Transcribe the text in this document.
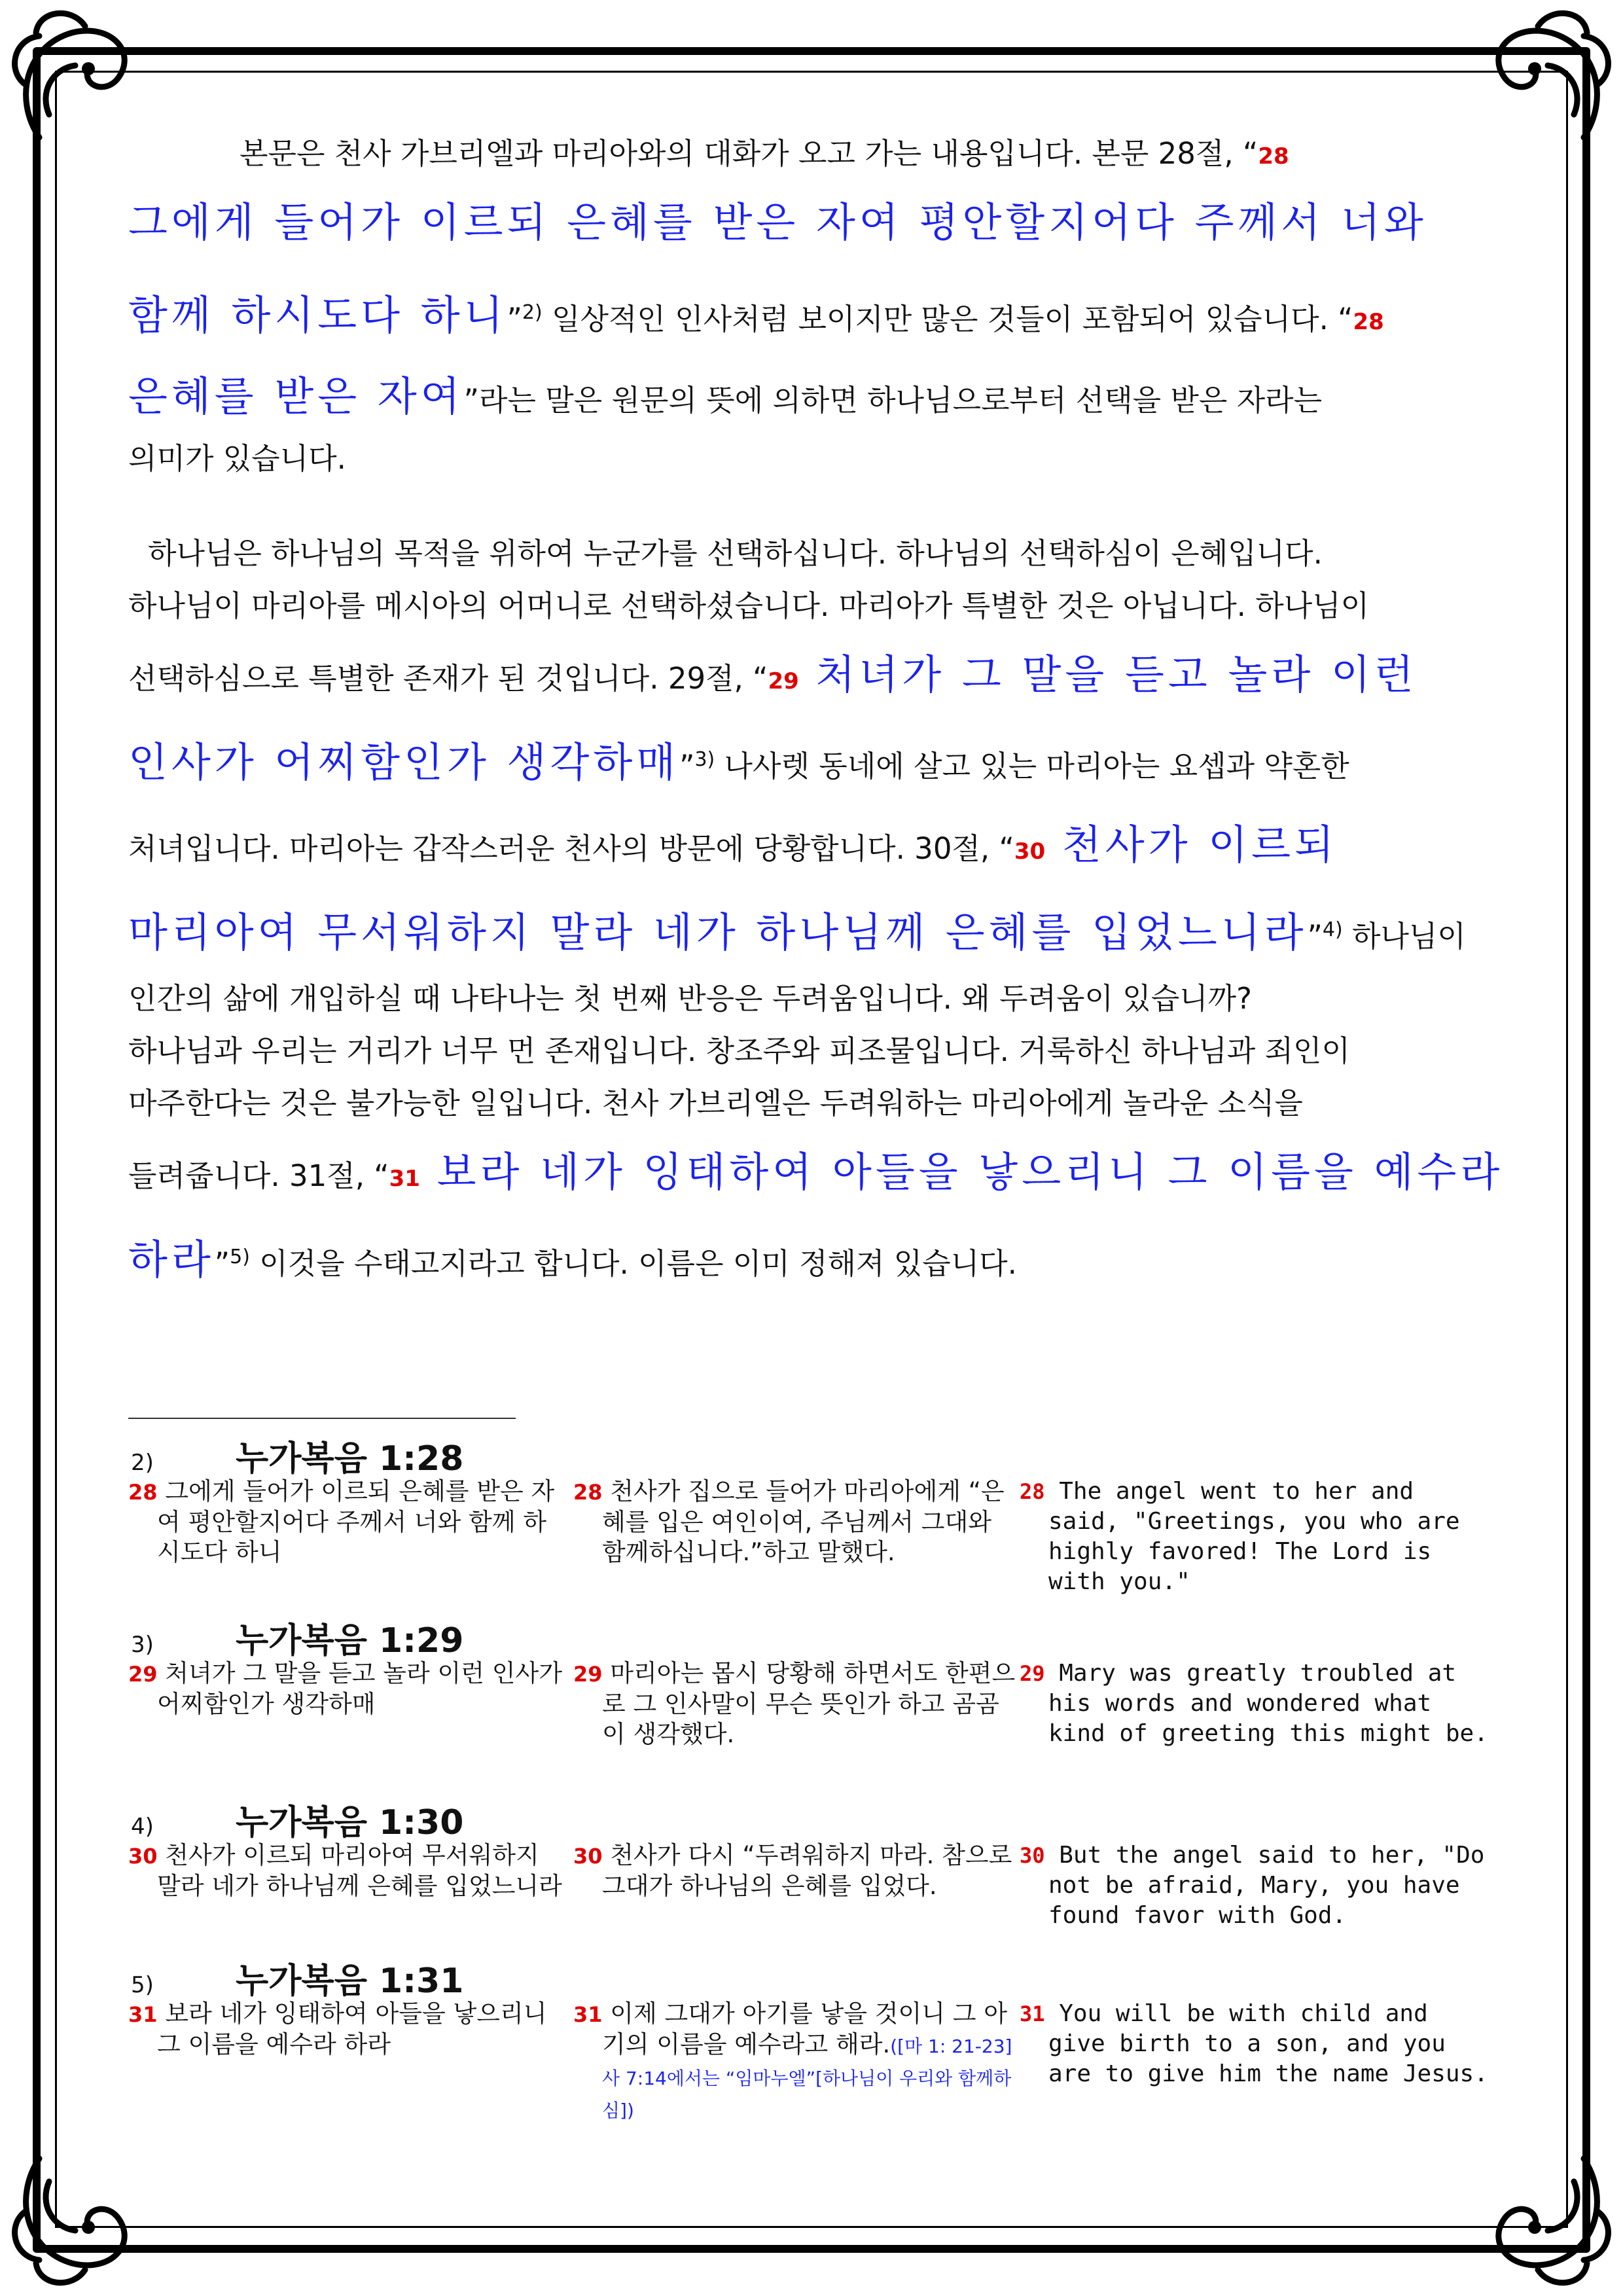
본문은 천사 가브리엘과 마리아와의 대화가 오고 가는 내용입니다. 본문 28절, “28
그에게 들어가 이르되 은혜를 받은 자여 평안할지어다 주께서 너와
함께 하시도다 하니”$^{2)}$ 일상적인 인사처럼 보이지만 많은 것들이 포함되어 있습니다. “28
은혜를 받은 자여”라는 말은 원문의 뜻에 의하면 하나님으로부터 선택을 받은 자라는
의미가 있습니다.
하나님은 하나님의 목적을 위하여 누군가를 선택하십니다. 하나님의 선택하심이 은혜입니다.
하나님이 마리아를 메시아의 어머니로 선택하셨습니다. 마리아가 특별한 것은 아닙니다. 하나님이
선택하심으로 특별한 존재가 된 것입니다. 29절, “29 처녀가 그 말을 듣고 놀라 이런
인사가 어찌함인가 생각하매”$^{3)}$ 나사렛 동네에 살고 있는 마리아는 요셉과 약혼한
처녀입니다. 마리아는 갑작스러운 천사의 방문에 당황합니다. 30절, “30 천사가 이르되
마리아여 무서워하지 말라 네가 하나님께 은혜를 입었느니라”$^{4)}$ 하나님이
인간의 삶에 개입하실 때 나타나는 첫 번째 반응은 두려움입니다. 왜 두려움이 있습니까?
하나님과 우리는 거리가 너무 먼 존재입니다. 창조주와 피조물입니다. 거룩하신 하나님과 죄인이
마주한다는 것은 불가능한 일입니다. 천사 가브리엘은 두려워하는 마리아에게 놀라운 소식을
들려줍니다. 31절, “31 보라 네가 잉태하여 아들을 낳으리니 그 이름을 예수라
하라”$^{5)}$ 이것을 수태고지라고 합니다. 이름은 이미 정해져 있습니다.
2)	누가복음 1:28
28 그에게 들어가 이르되 은혜를 받은 자여 평안할지어다 주께서 너와 함께 하시도다 하니
28 천사가 집으로 들어가 마리아에게 “은혜를 입은 여인이여, 주님께서 그대와 함께하십니다.”하고 말했다.
28 The angel went to her and said, "Greetings, you who are highly favored! The Lord is with you."
3)	누가복음 1:29
29 처녀가 그 말을 듣고 놀라 이런 인사가 어찌함인가 생각하매
29 마리아는 몹시 당황해 하면서도 한편으로 그 인사말이 무슨 뜻인가 하고 곰곰이 생각했다.
29 Mary was greatly troubled at his words and wondered what kind of greeting this might be.
4)	누가복음 1:30
30 천사가 이르되 마리아여 무서워하지 말라 네가 하나님께 은혜를 입었느니라
30 천사가 다시 “두려워하지 마라. 참으로 그대가 하나님의 은혜를 입었다.
30 But the angel said to her, "Do not be afraid, Mary, you have found favor with God.
5)	누가복음 1:31
31 보라 네가 잉태하여 아들을 낳으리니 그 이름을 예수라 하라
31 이제 그대가 아기를 낳을 것이니 그 아기의 이름을 예수라고 해라.([마 1: 21-23] 사 7:14에서는 “임마누엘”[하나님이 우리와 함께하심])
31 You will be with child and give birth to a son, and you are to give him the name Jesus.
